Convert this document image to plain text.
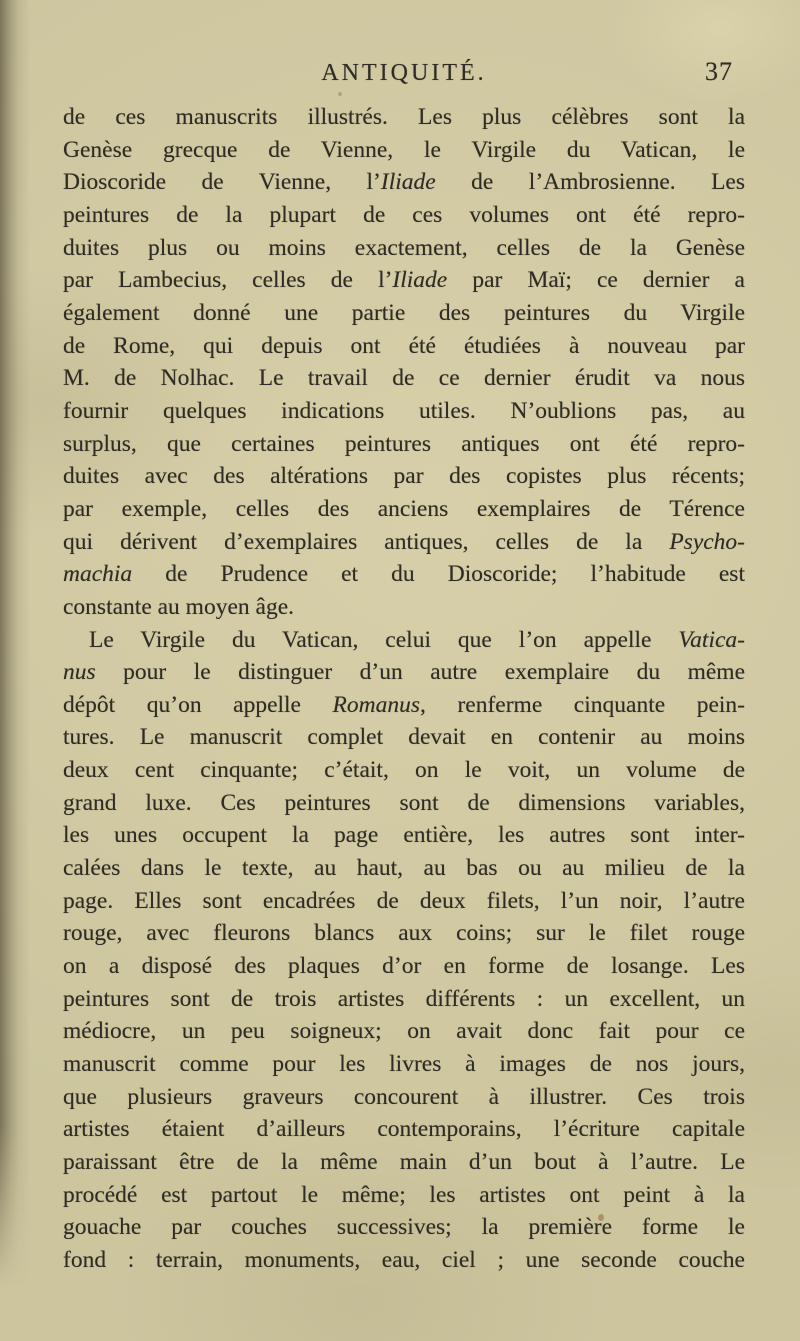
ANTIQUITÉ.	37
de ces manuscrits illustrés. Les plus célèbres sont la
Genèse grecque de Vienne, le Virgile du Vatican, le
Dioscoride de Vienne, l’Iliade de l’Ambrosienne. Les
peintures de la plupart de ces volumes ont été repro-
duites plus ou moins exactement, celles de la Genèse
par Lambecius, celles de l’Iliade par Maï; ce dernier a
également donné une partie des peintures du Virgile
de Rome, qui depuis ont été étudiées à nouveau par
M. de Nolhac. Le travail de ce dernier érudit va nous
fournir quelques indications utiles. N’oublions pas, au
surplus, que certaines peintures antiques ont été repro-
duites avec des altérations par des copistes plus récents;
par exemple, celles des anciens exemplaires de Térence
qui dérivent d’exemplaires antiques, celles de la Psycho-
machia de Prudence et du Dioscoride; l’habitude est
constante au moyen âge.
Le Virgile du Vatican, celui que l’on appelle Vatica-
nus pour le distinguer d’un autre exemplaire du même
dépôt qu’on appelle Romanus, renferme cinquante pein-
tures. Le manuscrit complet devait en contenir au moins
deux cent cinquante; c’était, on le voit, un volume de
grand luxe. Ces peintures sont de dimensions variables,
les unes occupent la page entière, les autres sont inter-
calées dans le texte, au haut, au bas ou au milieu de la
page. Elles sont encadrées de deux filets, l’un noir, l’autre
rouge, avec fleurons blancs aux coins; sur le filet rouge
on a disposé des plaques d’or en forme de losange. Les
peintures sont de trois artistes différents : un excellent, un
médiocre, un peu soigneux; on avait donc fait pour ce
manuscrit comme pour les livres à images de nos jours,
que plusieurs graveurs concourent à illustrer. Ces trois
artistes étaient d’ailleurs contemporains, l’écriture capitale
paraissant être de la même main d’un bout à l’autre. Le
procédé est partout le même; les artistes ont peint à la
gouache par couches successives; la première forme le
fond : terrain, monuments, eau, ciel ; une seconde couche
